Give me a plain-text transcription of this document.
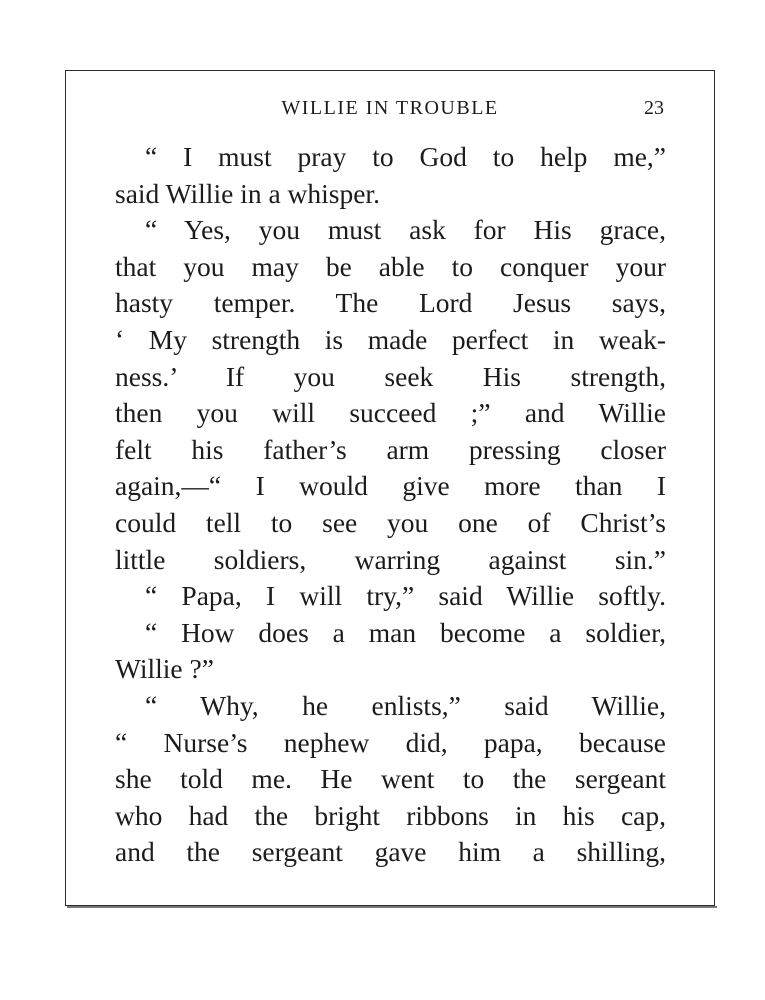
WILLIE IN TROUBLE	23
“ I must pray to God to help me,”
said Willie in a whisper.
“ Yes, you must ask for His grace,
that you may be able to conquer your
hasty temper. The Lord Jesus says,
‘ My strength is made perfect in weak-
ness.’ If you seek His strength,
then you will succeed ;” and Willie
felt his father’s arm pressing closer
again,—“ I would give more than I
could tell to see you one of Christ’s
little soldiers, warring against sin.”
“ Papa, I will try,” said Willie softly.
“ How does a man become a soldier,
Willie ?”
“ Why, he enlists,” said Willie,
“ Nurse’s nephew did, papa, because
she told me. He went to the sergeant
who had the bright ribbons in his cap,
and the sergeant gave him a shilling,
